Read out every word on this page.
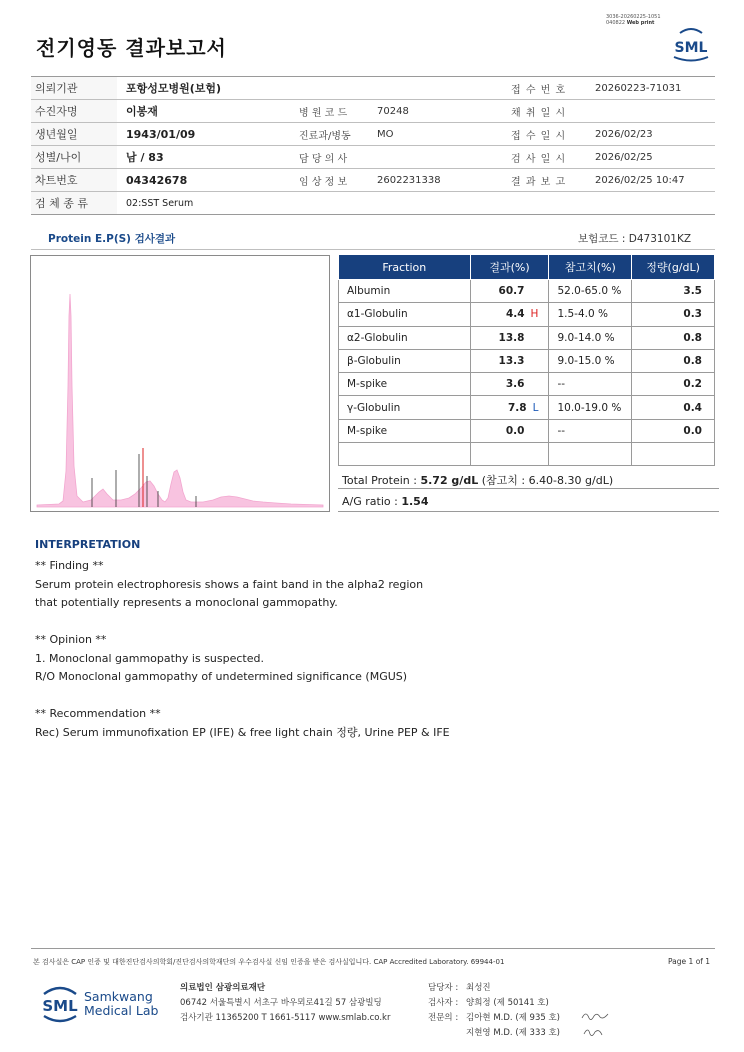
3036-20260225-1051
040822 Web print
전기영동 결과보고서	SML
의뢰기관	포항성모병원(보험)	접 수 번 호	20260223-71031
수진자명	이봉재	병 원 코 드	70248	채 취 일 시
생년월일	1943/01/09	진료과/병동	MO	접 수 일 시	2026/02/23
성별/나이	남 / 83	담 당 의 사	검 사 일 시	2026/02/25
차트번호	04342678	임 상 정 보	2602231338	결 과 보 고	2026/02/25 10:47
검 체 종 류	02:SST Serum
Protein E.P(S) 검사결과	보험코드 : D473101KZ
Fraction	결과(%)	참고치(%)	정량(g/dL)
Albumin	60.7	52.0-65.0 %	3.5
α1-Globulin	4.4 H	1.5-4.0 %	0.3
α2-Globulin	13.8	9.0-14.0 %	0.8
β-Globulin	13.3	9.0-15.0 %	0.8
M-spike	3.6	--	0.2
γ-Globulin	7.8 L	10.0-19.0 %	0.4
M-spike	0.0	--	0.0

Total Protein : 5.72 g/dL (참고치 : 6.40-8.30 g/dL)
A/G ratio : 1.54
INTERPRETATION

** Finding **

Serum protein electrophoresis shows a faint band in the alpha2 region

that potentially represents a monoclonal gammopathy.

** Opinion **

1. Monoclonal gammopathy is suspected.

R/O Monoclonal gammopathy of undetermined significance (MGUS)

** Recommendation **

Rec) Serum immunofixation EP (IFE) & free light chain 정량, Urine PEP & IFE

본 검사실은 CAP 인증 및 대한진단검사의학회/진단검사의학재단의 우수검사실 신임 인증을 받은 검사실입니다. CAP Accredited Laboratory. 69944-01	Page 1 of 1
SML
Samkwang
Medical Lab
의료법인 삼광의료재단
06742 서울특별시 서초구 바우뫼로41길 57 삼광빌딩
검사기관 11365200 T 1661-5117 www.smlab.co.kr
담당자 : 최성진
검사자 : 양희정 (제 50141 호)
전문의 : 김아현 M.D. (제 935 호)
지현영 M.D. (제 333 호)
